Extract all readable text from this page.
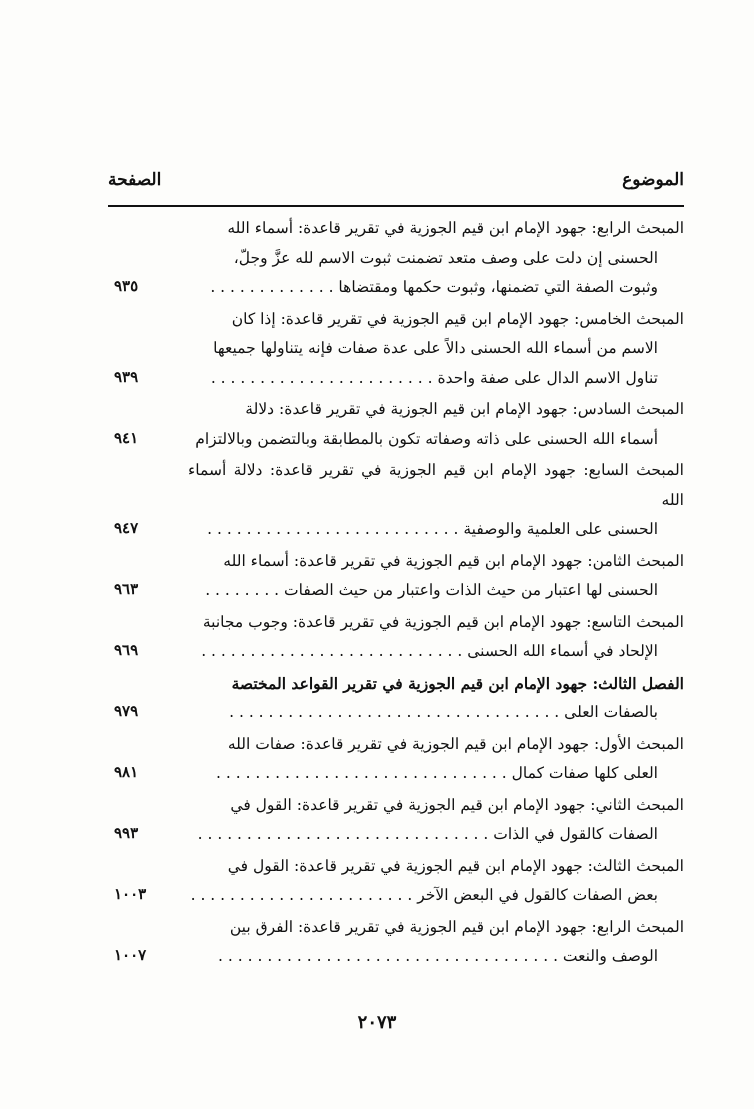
الموضوع
الصفحة
المبحث الرابع: جهود الإمام ابن قيم الجوزية في تقرير قاعدة: أسماء الله
الحسنى إن دلت على وصف متعد تضمنت ثبوت الاسم لله عزَّ وجلّ،
وثبوت الصفة التي تضمنها، وثبوت حكمها ومقتضاها . . . . . . . . . . . . .
٩٣٥
المبحث الخامس: جهود الإمام ابن قيم الجوزية في تقرير قاعدة: إذا كان
الاسم من أسماء الله الحسنى دالاً على عدة صفات فإنه يتناولها جميعها
تناول الاسم الدال على صفة واحدة . . . . . . . . . . . . . . . . . . . . . . .
٩٣٩
المبحث السادس: جهود الإمام ابن قيم الجوزية في تقرير قاعدة: دلالة
أسماء الله الحسنى على ذاته وصفاته تكون بالمطابقة وبالتضمن وبالالتزام
٩٤١
المبحث السابع: جهود الإمام ابن قيم الجوزية في تقرير قاعدة: دلالة أسماء الله
الحسنى على العلمية والوصفية . . . . . . . . . . . . . . . . . . . . . . . . . .
٩٤٧
المبحث الثامن: جهود الإمام ابن قيم الجوزية في تقرير قاعدة: أسماء الله
الحسنى لها اعتبار من حيث الذات واعتبار من حيث الصفات . . . . . . . .
٩٦٣
المبحث التاسع: جهود الإمام ابن قيم الجوزية في تقرير قاعدة: وجوب مجانبة
الإلحاد في أسماء الله الحسنى . . . . . . . . . . . . . . . . . . . . . . . . . . .
٩٦٩
الفصل الثالث: جهود الإمام ابن قيم الجوزية في تقرير القواعد المختصة
بالصفات العلى . . . . . . . . . . . . . . . . . . . . . . . . . . . . . . . . . .
٩٧٩
المبحث الأول: جهود الإمام ابن قيم الجوزية في تقرير قاعدة: صفات الله
العلى كلها صفات كمال . . . . . . . . . . . . . . . . . . . . . . . . . . . . . .
٩٨١
المبحث الثاني: جهود الإمام ابن قيم الجوزية في تقرير قاعدة: القول في
الصفات كالقول في الذات . . . . . . . . . . . . . . . . . . . . . . . . . . . . . .
٩٩٣
المبحث الثالث: جهود الإمام ابن قيم الجوزية في تقرير قاعدة: القول في
بعض الصفات كالقول في البعض الآخر . . . . . . . . . . . . . . . . . . . . . . .
١٠٠٣
المبحث الرابع: جهود الإمام ابن قيم الجوزية في تقرير قاعدة: الفرق بين
الوصف والنعت . . . . . . . . . . . . . . . . . . . . . . . . . . . . . . . . . . .
١٠٠٧
٢٠٧٣
